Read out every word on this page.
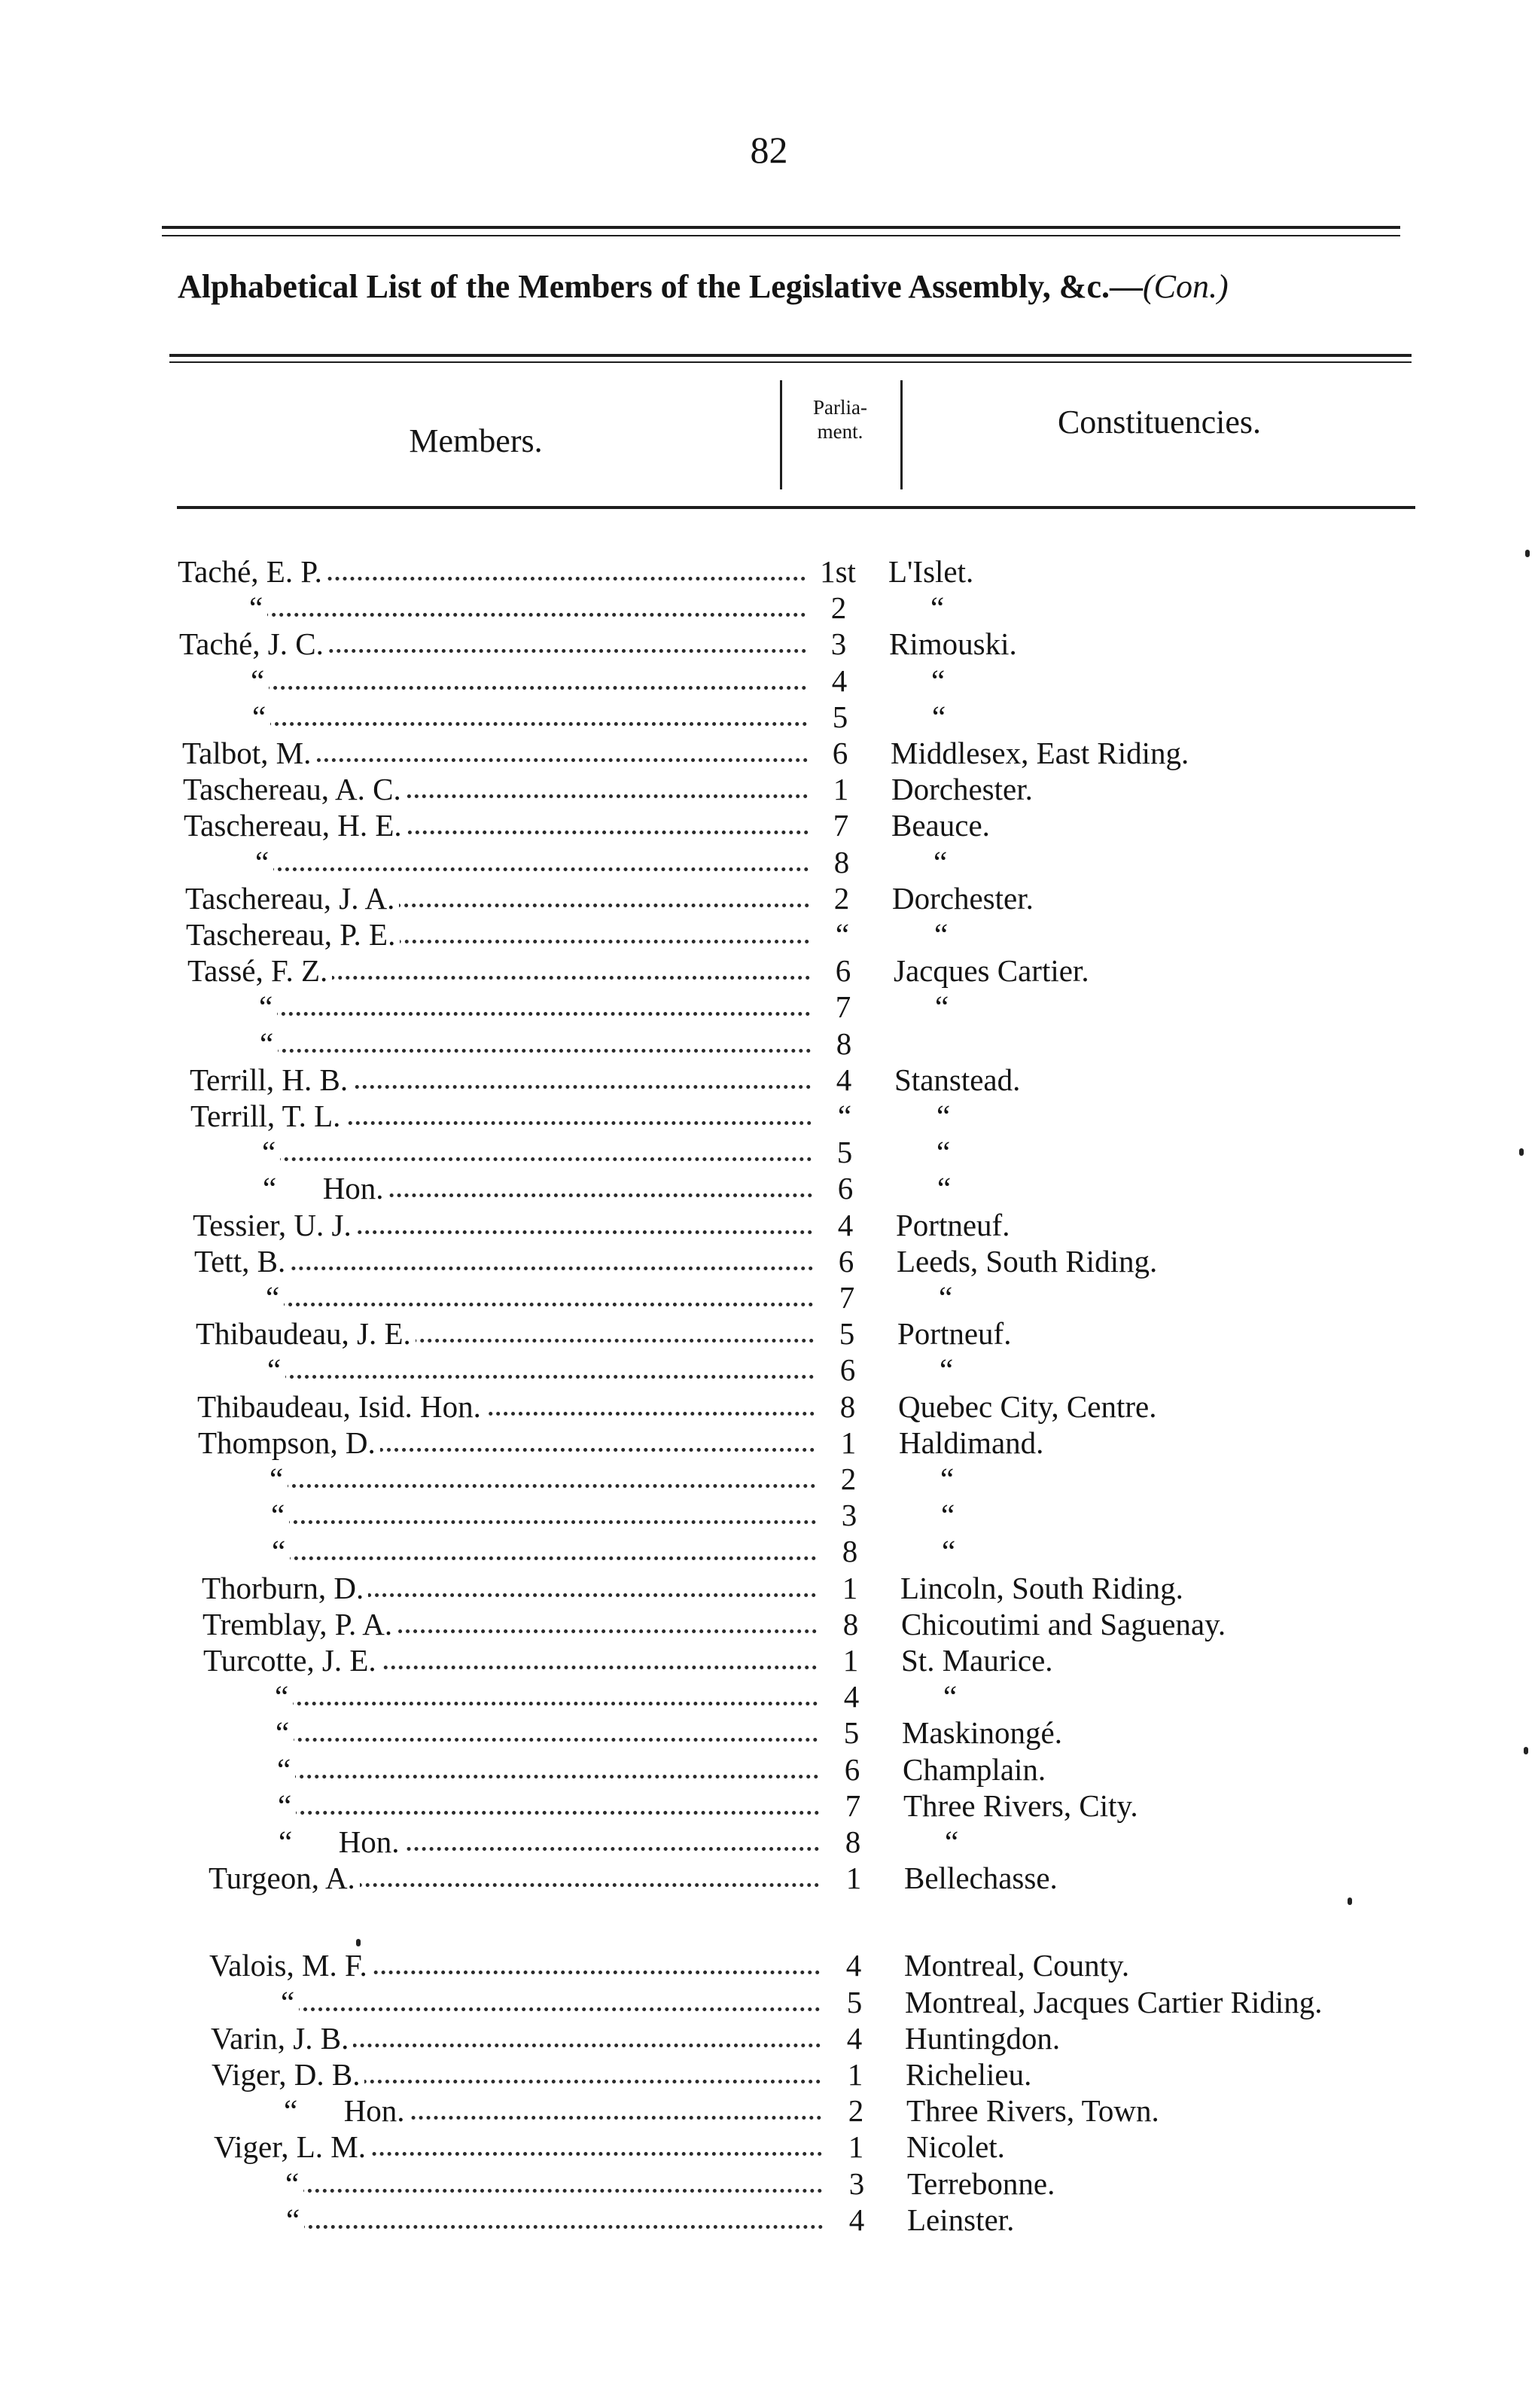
82
Alphabetical List of the Members of the Legislative Assembly, &c.—(Con.)
Members.
Parlia-
ment.	Constituencies.
Taché, E. P.	1st L'Islet.
“	2	“
Taché, J. C.	3	Rimouski.
“	4	“
“	5	“
Talbot, M.	6	Middlesex, East Riding.
Taschereau, A. C.	1	Dorchester.
Taschereau, H. E.	7	Beauce.
“	8	“
Taschereau, J. A.	2	Dorchester.
Taschereau, P. E.	“	“
Tassé, F. Z.	6	Jacques Cartier.
“	7	“
“	8
Terrill, H. B.	4	Stanstead.
Terrill, T. L.	“	“
“	5	“
“      Hon.	6	“
Tessier, U. J.	4	Portneuf.
Tett, B.	6	Leeds, South Riding.
“	7	“
Thibaudeau, J. E.	5	Portneuf.
“	6	“
Thibaudeau, Isid. Hon.	8	Quebec City, Centre.
Thompson, D.	1	Haldimand.
“	2	“
“	3	“
“	8	“
Thorburn, D.	1	Lincoln, South Riding.
Tremblay, P. A.	8	Chicoutimi and Saguenay.
Turcotte, J. E.	1	St. Maurice.
“	4	“
“	5	Maskinongé.
“	6	Champlain.
“	7	Three Rivers, City.
“      Hon.	8	“
Turgeon, A.	1	Bellechasse.
Valois, M. F.	4	Montreal, County.
“	5	Montreal, Jacques Cartier Riding.
Varin, J. B.	4	Huntingdon.
Viger, D. B.	1	Richelieu.
“      Hon.	2	Three Rivers, Town.
Viger, L. M.	1	Nicolet.
“	3	Terrebonne.
“	4	Leinster.
